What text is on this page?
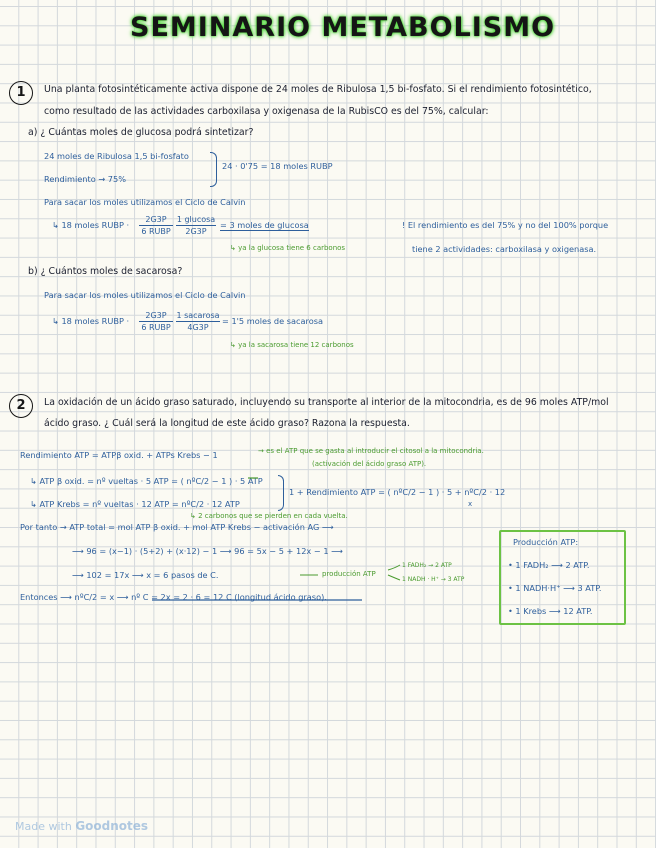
SEMINARIO METABOLISMO
1	Una planta fotosintéticamente activa dispone de 24 moles de Ribulosa 1,5 bi-fosfato. Si el rendimiento fotosintético,
como resultado de las actividades carboxilasa y oxigenasa de la RubisCO es del 75%, calcular:
a) ¿ Cuántas moles de glucosa podrá sintetizar?
24 moles de Ribulosa 1,5 bi-fosfato
Rendimiento → 75%
24 · 0'75 = 18 moles RUBP
Para sacar los moles utilizamos el Ciclo de Calvin
↳ 18 moles RUBP ·
2G3P
6 RUBP
1 glucosa
2G3P
= 3 moles de glucosa
↳ ya la glucosa tiene 6 carbonos
! El rendimiento es del 75% y no del 100% porque
tiene 2 actividades: carboxilasa y oxigenasa.
b) ¿ Cuántos moles de sacarosa?
Para sacar los moles utilizamos el Ciclo de Calvin
↳ 18 moles RUBP ·
2G3P
6 RUBP
1 sacarosa
4G3P
= 1'5 moles de sacarosa
↳ ya la sacarosa tiene 12 carbonos
2	La oxidación de un ácido graso saturado, incluyendo su transporte al interior de la mitocondria, es de 96 moles ATP/mol
ácido graso. ¿ Cuál será la longitud de este ácido graso? Razona la respuesta.
Rendimiento ATP = ATPβ oxid. + ATPs Krebs − 1	→ es el ATP que se gasta al introducir el citosol a la mitocondria.
(activación del ácido graso ATP).
↳ ATP β oxid. = nº vueltas · 5 ATP = ( nºC/2 − 1 ) · 5 ATP
↳ ATP Krebs = nº vueltas · 12 ATP = nºC/2 · 12 ATP
↳ 2 carbonos que se pierden en cada vuelta.
1 + Rendimiento ATP = ( nºC/2 − 1 ) · 5 + nºC/2 · 12
x
Por tanto → ATP total = mol ATP β oxid. + mol ATP Krebs − activación AG ⟶
⟶ 96 = (x−1) · (5+2) + (x·12) − 1 ⟶ 96 = 5x − 5 + 12x − 1 ⟶
⟶ 102 = 17x ⟶ x = 6 pasos de C.	producción ATP
1 FADH₂ → 2 ATP
1 NADH · H⁺ → 3 ATP
Entonces ⟶ nºC/2 = x ⟶ nº C = 2x = 2 · 6 = 12 C (longitud ácido graso).
Producción ATP:
• 1 FADH₂ ⟶ 2 ATP.
• 1 NADH·H⁺ ⟶ 3 ATP.
• 1 Krebs ⟶ 12 ATP.
Made with Goodnotes
